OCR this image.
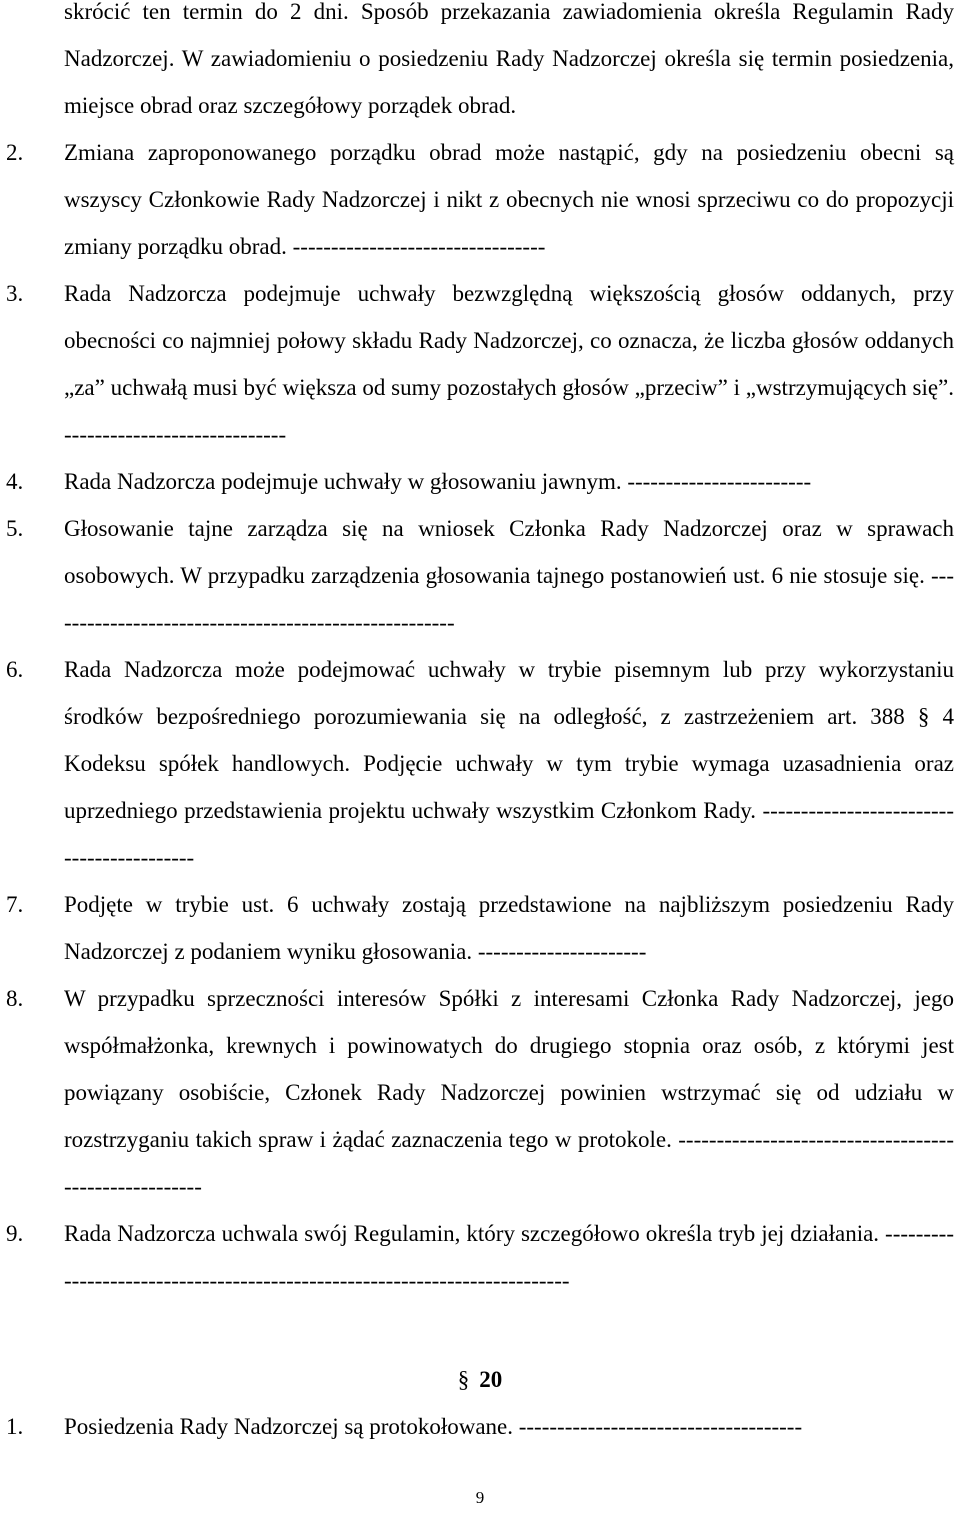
skrócić ten termin do 2 dni. Sposób przekazania zawiadomienia określa Regulamin Rady Nadzorczej. W zawiadomieniu o posiedzeniu Rady Nadzorczej określa się termin posiedzenia, miejsce obrad oraz szczegółowy porządek obrad.
2. Zmiana zaproponowanego porządku obrad może nastąpić, gdy na posiedzeniu obecni są wszyscy Członkowie Rady Nadzorczej i nikt z obecnych nie wnosi sprzeciwu co do propozycji zmiany porządku obrad. ---------------------------------
3. Rada Nadzorcza podejmuje uchwały bezwzględną większością głosów oddanych, przy obecności co najmniej połowy składu Rady Nadzorczej, co oznacza, że liczba głosów oddanych „za” uchwałą musi być większa od sumy pozostałych głosów „przeciw” i „wstrzymujących się”. -----------------------------
4. Rada Nadzorcza podejmuje uchwały w głosowaniu jawnym. ------------------------
5. Głosowanie tajne zarządza się na wniosek Członka Rady Nadzorczej oraz w sprawach osobowych. W przypadku zarządzenia głosowania tajnego postanowień ust. 6 nie stosuje się. ------------------------------------------------------
6. Rada Nadzorcza może podejmować uchwały w trybie pisemnym lub przy wykorzystaniu środków bezpośredniego porozumiewania się na odległość, z zastrzeżeniem art. 388 § 4 Kodeksu spółek handlowych. Podjęcie uchwały w tym trybie wymaga uzasadnienia oraz uprzedniego przedstawienia projektu uchwały wszystkim Członkom Rady. ------------------------------------------
7. Podjęte w trybie ust. 6 uchwały zostają przedstawione na najbliższym posiedzeniu Rady Nadzorczej z podaniem wyniku głosowania. ----------------------
8. W przypadku sprzeczności interesów Spółki z interesami Członka Rady Nadzorczej, jego współmałżonka, krewnych i powinowatych do drugiego stopnia oraz osób, z którymi jest powiązany osobiście, Członek Rady Nadzorczej powinien wstrzymać się od udziału w rozstrzyganiu takich spraw i żądać zaznaczenia tego w protokole. ------------------------------------------------------
9. Rada Nadzorcza uchwala swój Regulamin, który szczegółowo określa tryb jej działania. ---------------------------------------------------------------------------
§ 20
1. Posiedzenia Rady Nadzorczej są protokołowane. -------------------------------------
9
